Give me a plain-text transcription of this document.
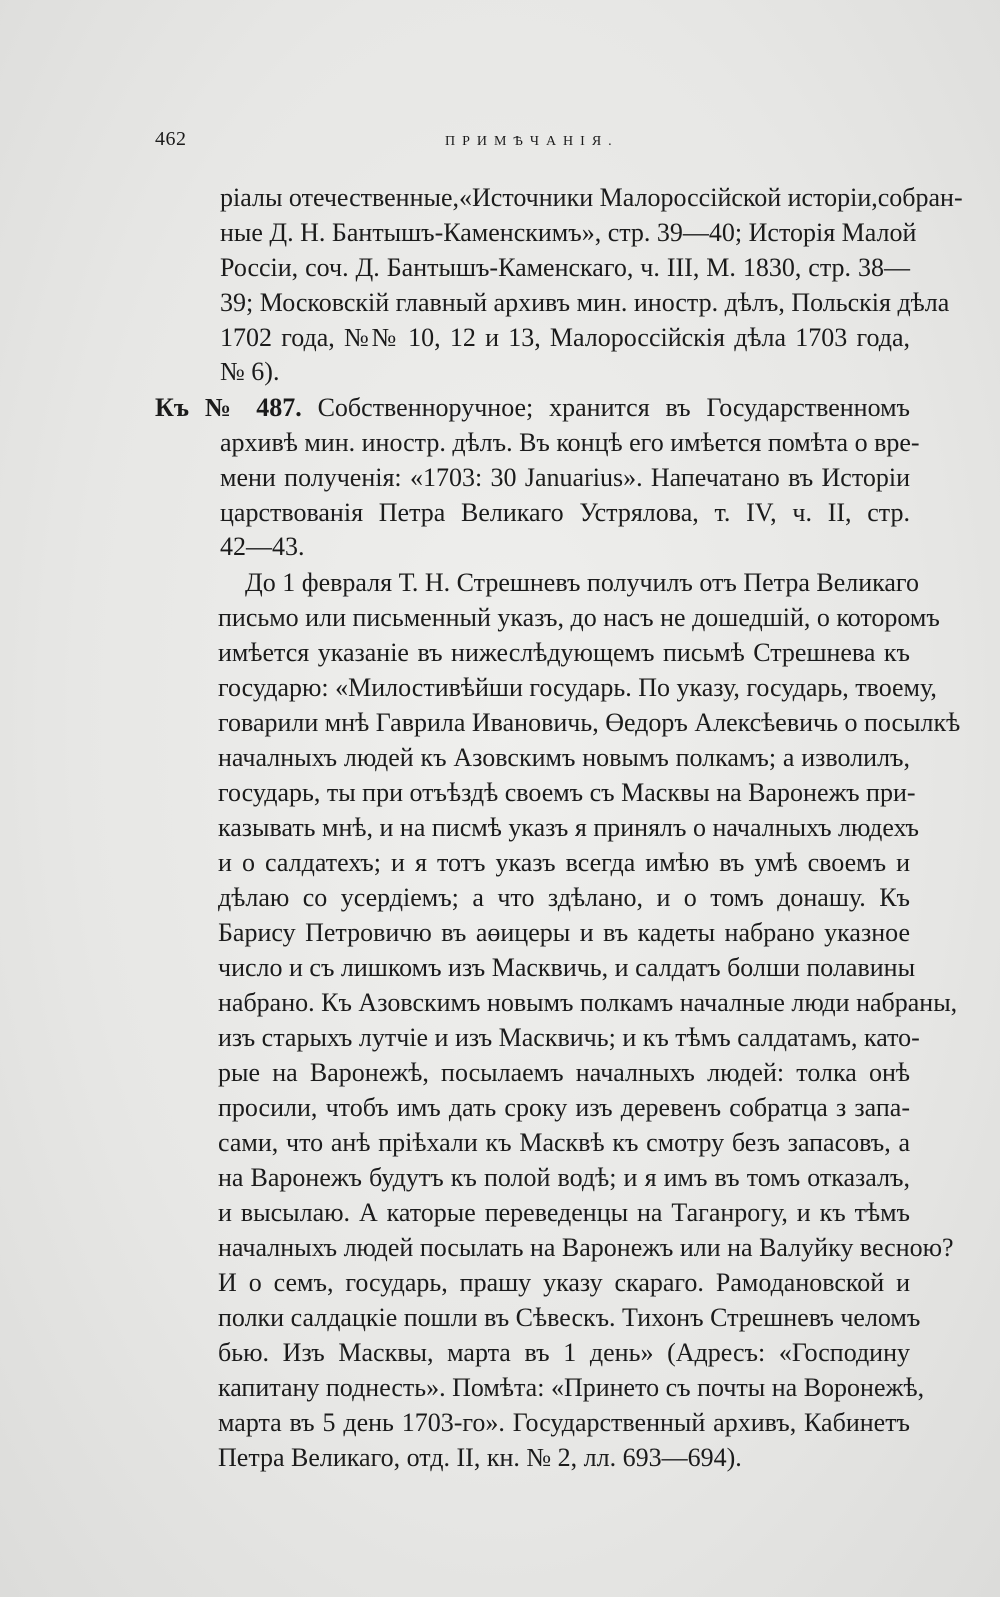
462	ПРИМѢЧАНІЯ.
ріалы отечественные,«Источники Малороссійской исторіи,собран-
ные Д. Н. Бантышъ-Каменскимъ», стр. 39—40; Исторія Малой
Россіи, соч. Д. Бантышъ-Каменскаго, ч. III, М. 1830, стр. 38—
39; Московскій главный архивъ мин. иностр. дѣлъ, Польскія дѣла
1702 года, №№ 10, 12 и 13, Малороссійскія дѣла 1703 года,
№ 6).
Къ № 487. Собственноручное; хранится въ Государственномъ
архивѣ мин. иностр. дѣлъ. Въ концѣ его имѣется помѣта о вре-
мени полученія: «1703: 30 Januarius». Напечатано въ Исторіи
царствованія Петра Великаго Устрялова, т. IV, ч. II, стр.
42—43.
До 1 февраля Т. Н. Стрешневъ получилъ отъ Петра Великаго
письмо или письменный указъ, до насъ не дошедшій, о которомъ
имѣется указаніе въ нижеслѣдующемъ письмѣ Стрешнева къ
государю: «Милостивѣйши государь. По указу, государь, твоему,
говарили мнѣ Гаврила Ивановичь, Өедоръ Алексѣевичь о посылкѣ
началныхъ людей къ Азовскимъ новымъ полкамъ; а изволилъ,
государь, ты при отъѣздѣ своемъ съ Масквы на Варонежъ при-
казывать мнѣ, и на писмѣ указъ я принялъ о началныхъ людехъ
и о салдатехъ; и я тотъ указъ всегда имѣю въ умѣ своемъ и
дѣлаю со усердіемъ; а что здѣлано, и о томъ донашу. Къ
Барису Петровичю въ аөицеры и въ кадеты набрано указное
число и съ лишкомъ изъ Масквичь, и салдатъ болши полавины
набрано. Къ Азовскимъ новымъ полкамъ началные люди набраны,
изъ старыхъ лутчіе и изъ Масквичь; и къ тѣмъ салдатамъ, като-
рые на Варонежѣ, посылаемъ началныхъ людей: толка онѣ
просили, чтобъ имъ дать сроку изъ деревенъ собратца з запа-
сами, что анѣ пріѣхали къ Масквѣ къ смотру безъ запасовъ, а
на Варонежъ будутъ къ полой водѣ; и я имъ въ томъ отказалъ,
и высылаю. А каторые переведенцы на Таганрогу, и къ тѣмъ
началныхъ людей посылать на Варонежъ или на Валуйку весною?
И о семъ, государь, прашу указу скараго. Рамодановской и
полки салдацкіе пошли въ Сѣвескъ. Тихонъ Стрешневъ челомъ
бью. Изъ Масквы, марта въ 1 день» (Адресъ: «Господину
капитану поднесть». Помѣта: «Принето съ почты на Воронежѣ,
марта въ 5 день 1703-го». Государственный архивъ, Кабинетъ
Петра Великаго, отд. II, кн. № 2, лл. 693—694).
